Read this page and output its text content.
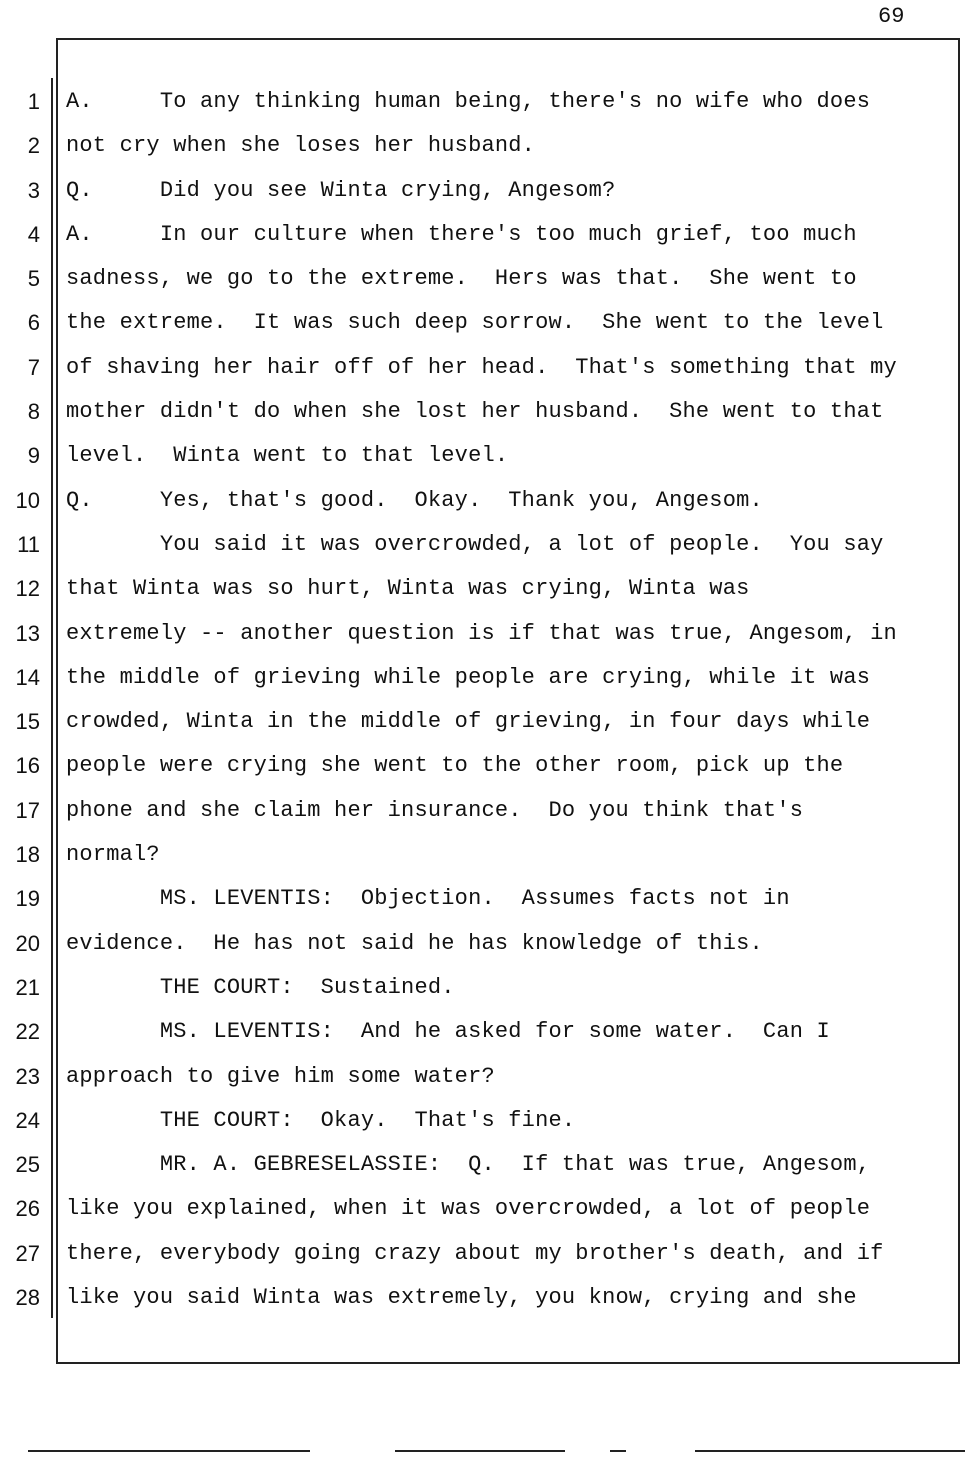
69
1
2
3
4
5
6
7
8
9
10
11
12
13
14
15
16
17
18
19
20
21
22
23
24
25
26
27
28
A.     To any thinking human being, there's no wife who does
not cry when she loses her husband.
Q.     Did you see Winta crying, Angesom?
A.     In our culture when there's too much grief, too much
sadness, we go to the extreme.  Hers was that.  She went to
the extreme.  It was such deep sorrow.  She went to the level
of shaving her hair off of her head.  That's something that my
mother didn't do when she lost her husband.  She went to that
level.  Winta went to that level.
Q.     Yes, that's good.  Okay.  Thank you, Angesom.
You said it was overcrowded, a lot of people.  You say
that Winta was so hurt, Winta was crying, Winta was
extremely -- another question is if that was true, Angesom, in
the middle of grieving while people are crying, while it was
crowded, Winta in the middle of grieving, in four days while
people were crying she went to the other room, pick up the
phone and she claim her insurance.  Do you think that's
normal?
MS. LEVENTIS:  Objection.  Assumes facts not in
evidence.  He has not said he has knowledge of this.
THE COURT:  Sustained.
MS. LEVENTIS:  And he asked for some water.  Can I
approach to give him some water?
THE COURT:  Okay.  That's fine.
MR. A. GEBRESELASSIE:  Q.  If that was true, Angesom,
like you explained, when it was overcrowded, a lot of people
there, everybody going crazy about my brother's death, and if
like you said Winta was extremely, you know, crying and she
